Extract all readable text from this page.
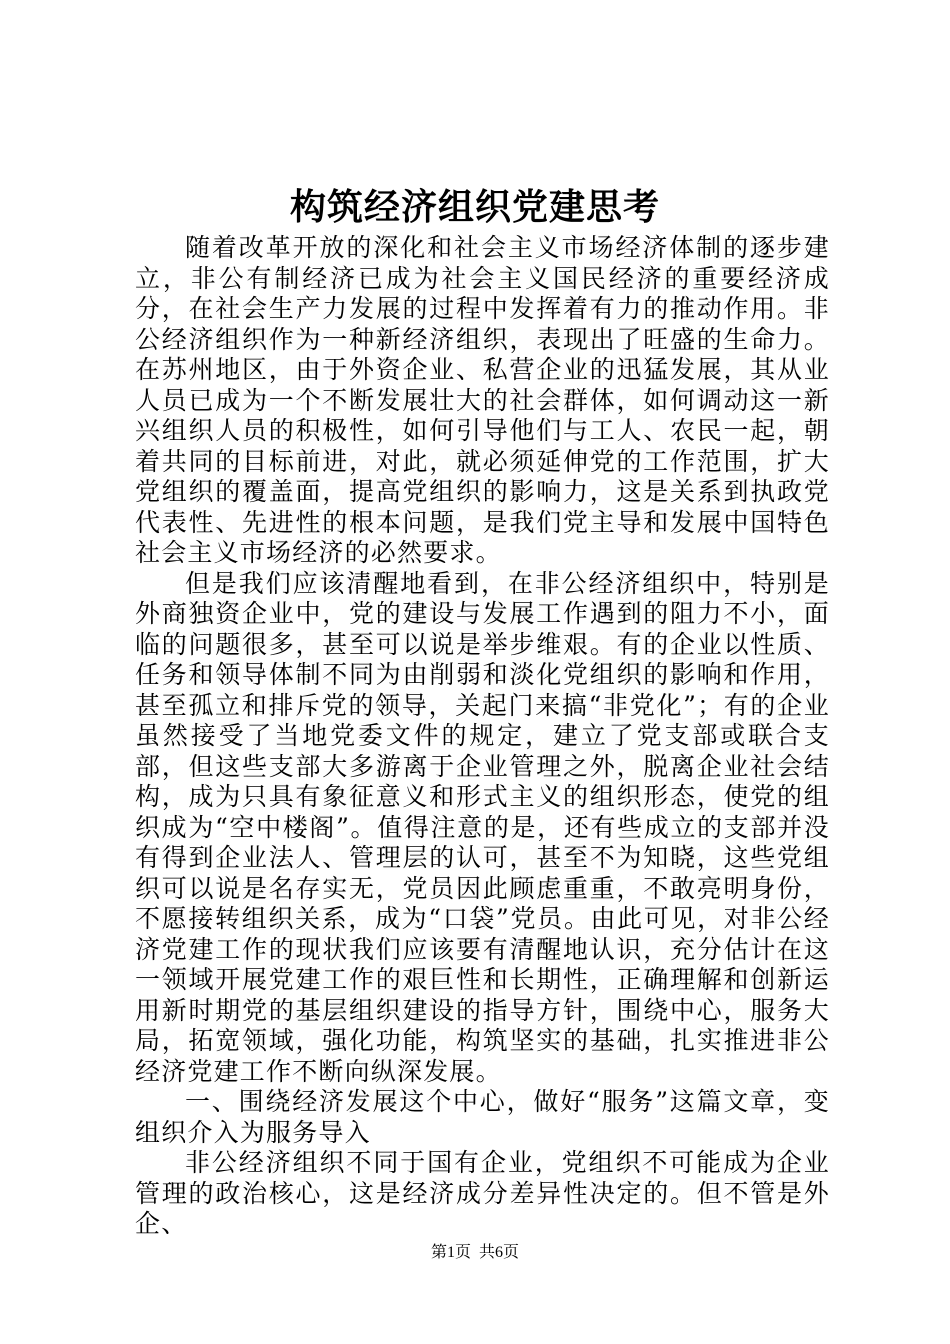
构筑经济组织党建思考

随着改革开放的深化和社会主义市场经济体制的逐步建立，非公有制经济已成为社会主义国民经济的重要经济成分，在社会生产力发展的过程中发挥着有力的推动作用。非公经济组织作为一种新经济组织，表现出了旺盛的生命力。在苏州地区，由于外资企业、私营企业的迅猛发展，其从业人员已成为一个不断发展壮大的社会群体，如何调动这一新兴组织人员的积极性，如何引导他们与工人、农民一起，朝着共同的目标前进，对此，就必须延伸党的工作范围，扩大党组织的覆盖面，提高党组织的影响力，这是关系到执政党代表性、先进性的根本问题，是我们党主导和发展中国特色社会主义市场经济的必然要求。

但是我们应该清醒地看到，在非公经济组织中，特别是外商独资企业中，党的建设与发展工作遇到的阻力不小，面临的问题很多，甚至可以说是举步维艰。有的企业以性质、任务和领导体制不同为由削弱和淡化党组织的影响和作用，甚至孤立和排斥党的领导，关起门来搞“非党化”；有的企业虽然接受了当地党委文件的规定，建立了党支部或联合支部，但这些支部大多游离于企业管理之外，脱离企业社会结构，成为只具有象征意义和形式主义的组织形态，使党的组织成为“空中楼阁”。值得注意的是，还有些成立的支部并没有得到企业法人、管理层的认可，甚至不为知晓，这些党组织可以说是名存实无，党员因此顾虑重重，不敢亮明身份，不愿接转组织关系，成为“口袋”党员。由此可见，对非公经济党建工作的现状我们应该要有清醒地认识，充分估计在这一领域开展党建工作的艰巨性和长期性，正确理解和创新运用新时期党的基层组织建设的指导方针，围绕中心，服务大局，拓宽领域，强化功能，构筑坚实的基础，扎实推进非公经济党建工作不断向纵深发展。

一、围绕经济发展这个中心，做好“服务”这篇文章，变组织介入为服务导入

非公经济组织不同于国有企业，党组织不可能成为企业管理的政治核心，这是经济成分差异性决定的。但不管是外企、

第1页 共6页
